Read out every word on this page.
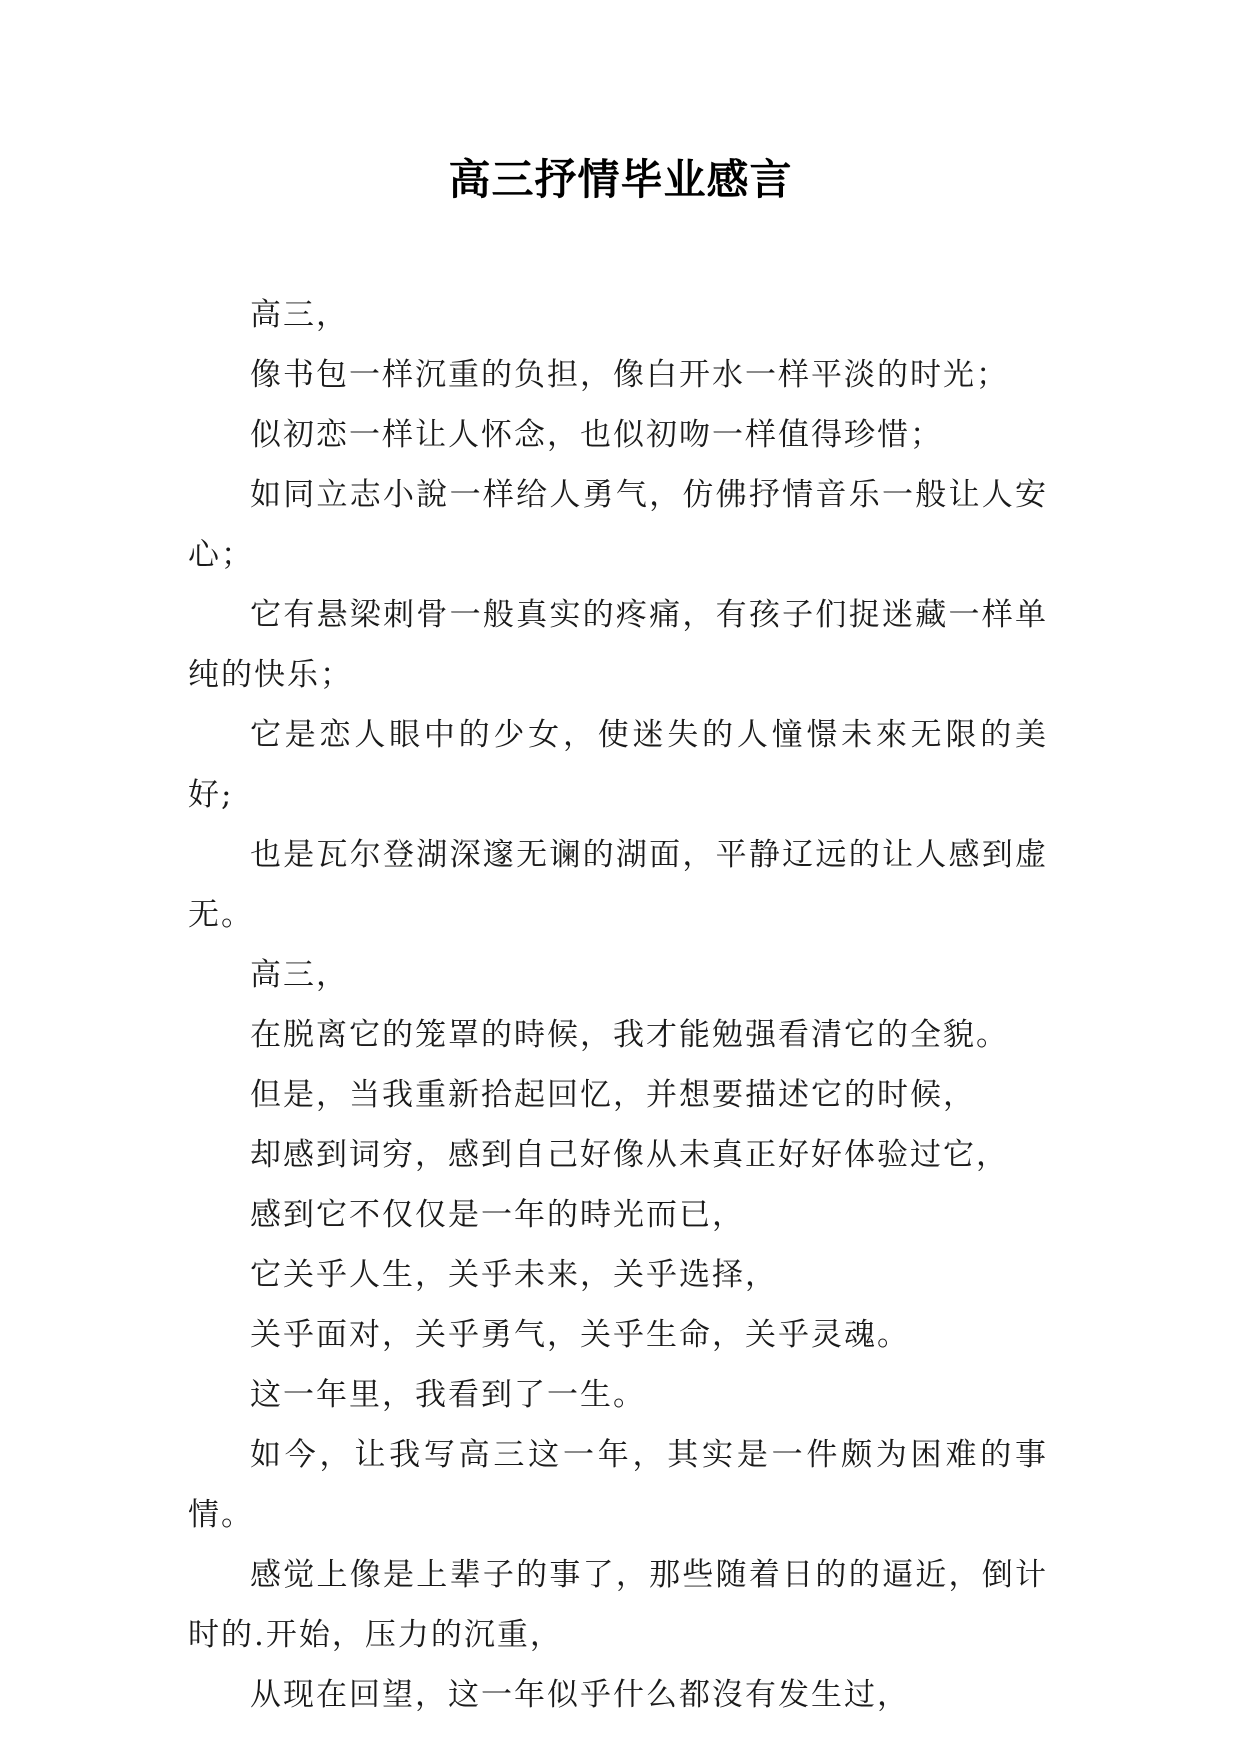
高三抒情毕业感言

高三，

像书包一样沉重的负担，像白开水一样平淡的时光；

似初恋一样让人怀念，也似初吻一样值得珍惜；

如同立志小說一样给人勇气，仿佛抒情音乐一般让人安心；

它有悬梁刺骨一般真实的疼痛，有孩子们捉迷藏一样单纯的快乐；

它是恋人眼中的少女，使迷失的人憧憬未來无限的美好;

也是瓦尔登湖深邃无谰的湖面，平静辽远的让人感到虚无。

高三，

在脱离它的笼罩的時候，我才能勉强看清它的全貌。

但是，当我重新拾起回忆，并想要描述它的时候，

却感到词穷，感到自己好像从未真正好好体验过它，

感到它不仅仅是一年的時光而已，

它关乎人生，关乎未来，关乎选择，

关乎面对，关乎勇气，关乎生命，关乎灵魂。

这一年里，我看到了一生。

如今，让我写高三这一年，其实是一件颇为困难的事情。

感觉上像是上辈子的事了，那些随着日的的逼近，倒计时的.开始，压力的沉重，

从现在回望，这一年似乎什么都沒有发生过，
